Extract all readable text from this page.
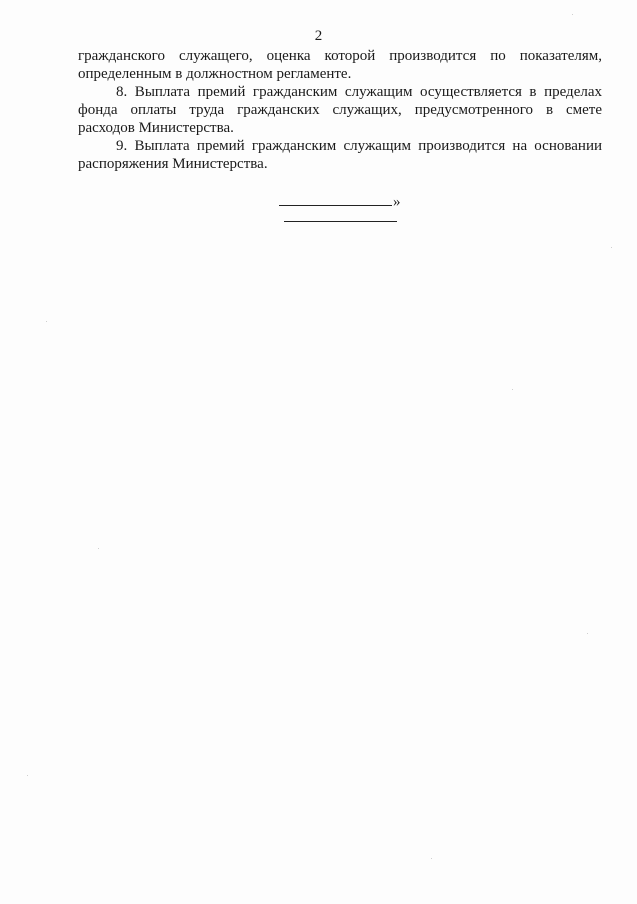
2
гражданского служащего, оценка которой производится по показателям,
определенным в должностном регламенте.
8. Выплата премий гражданским служащим осуществляется в пределах
фонда оплаты труда гражданских служащих, предусмотренного в смете
расходов Министерства.
9. Выплата премий гражданским служащим производится на основании
распоряжения Министерства.
»
